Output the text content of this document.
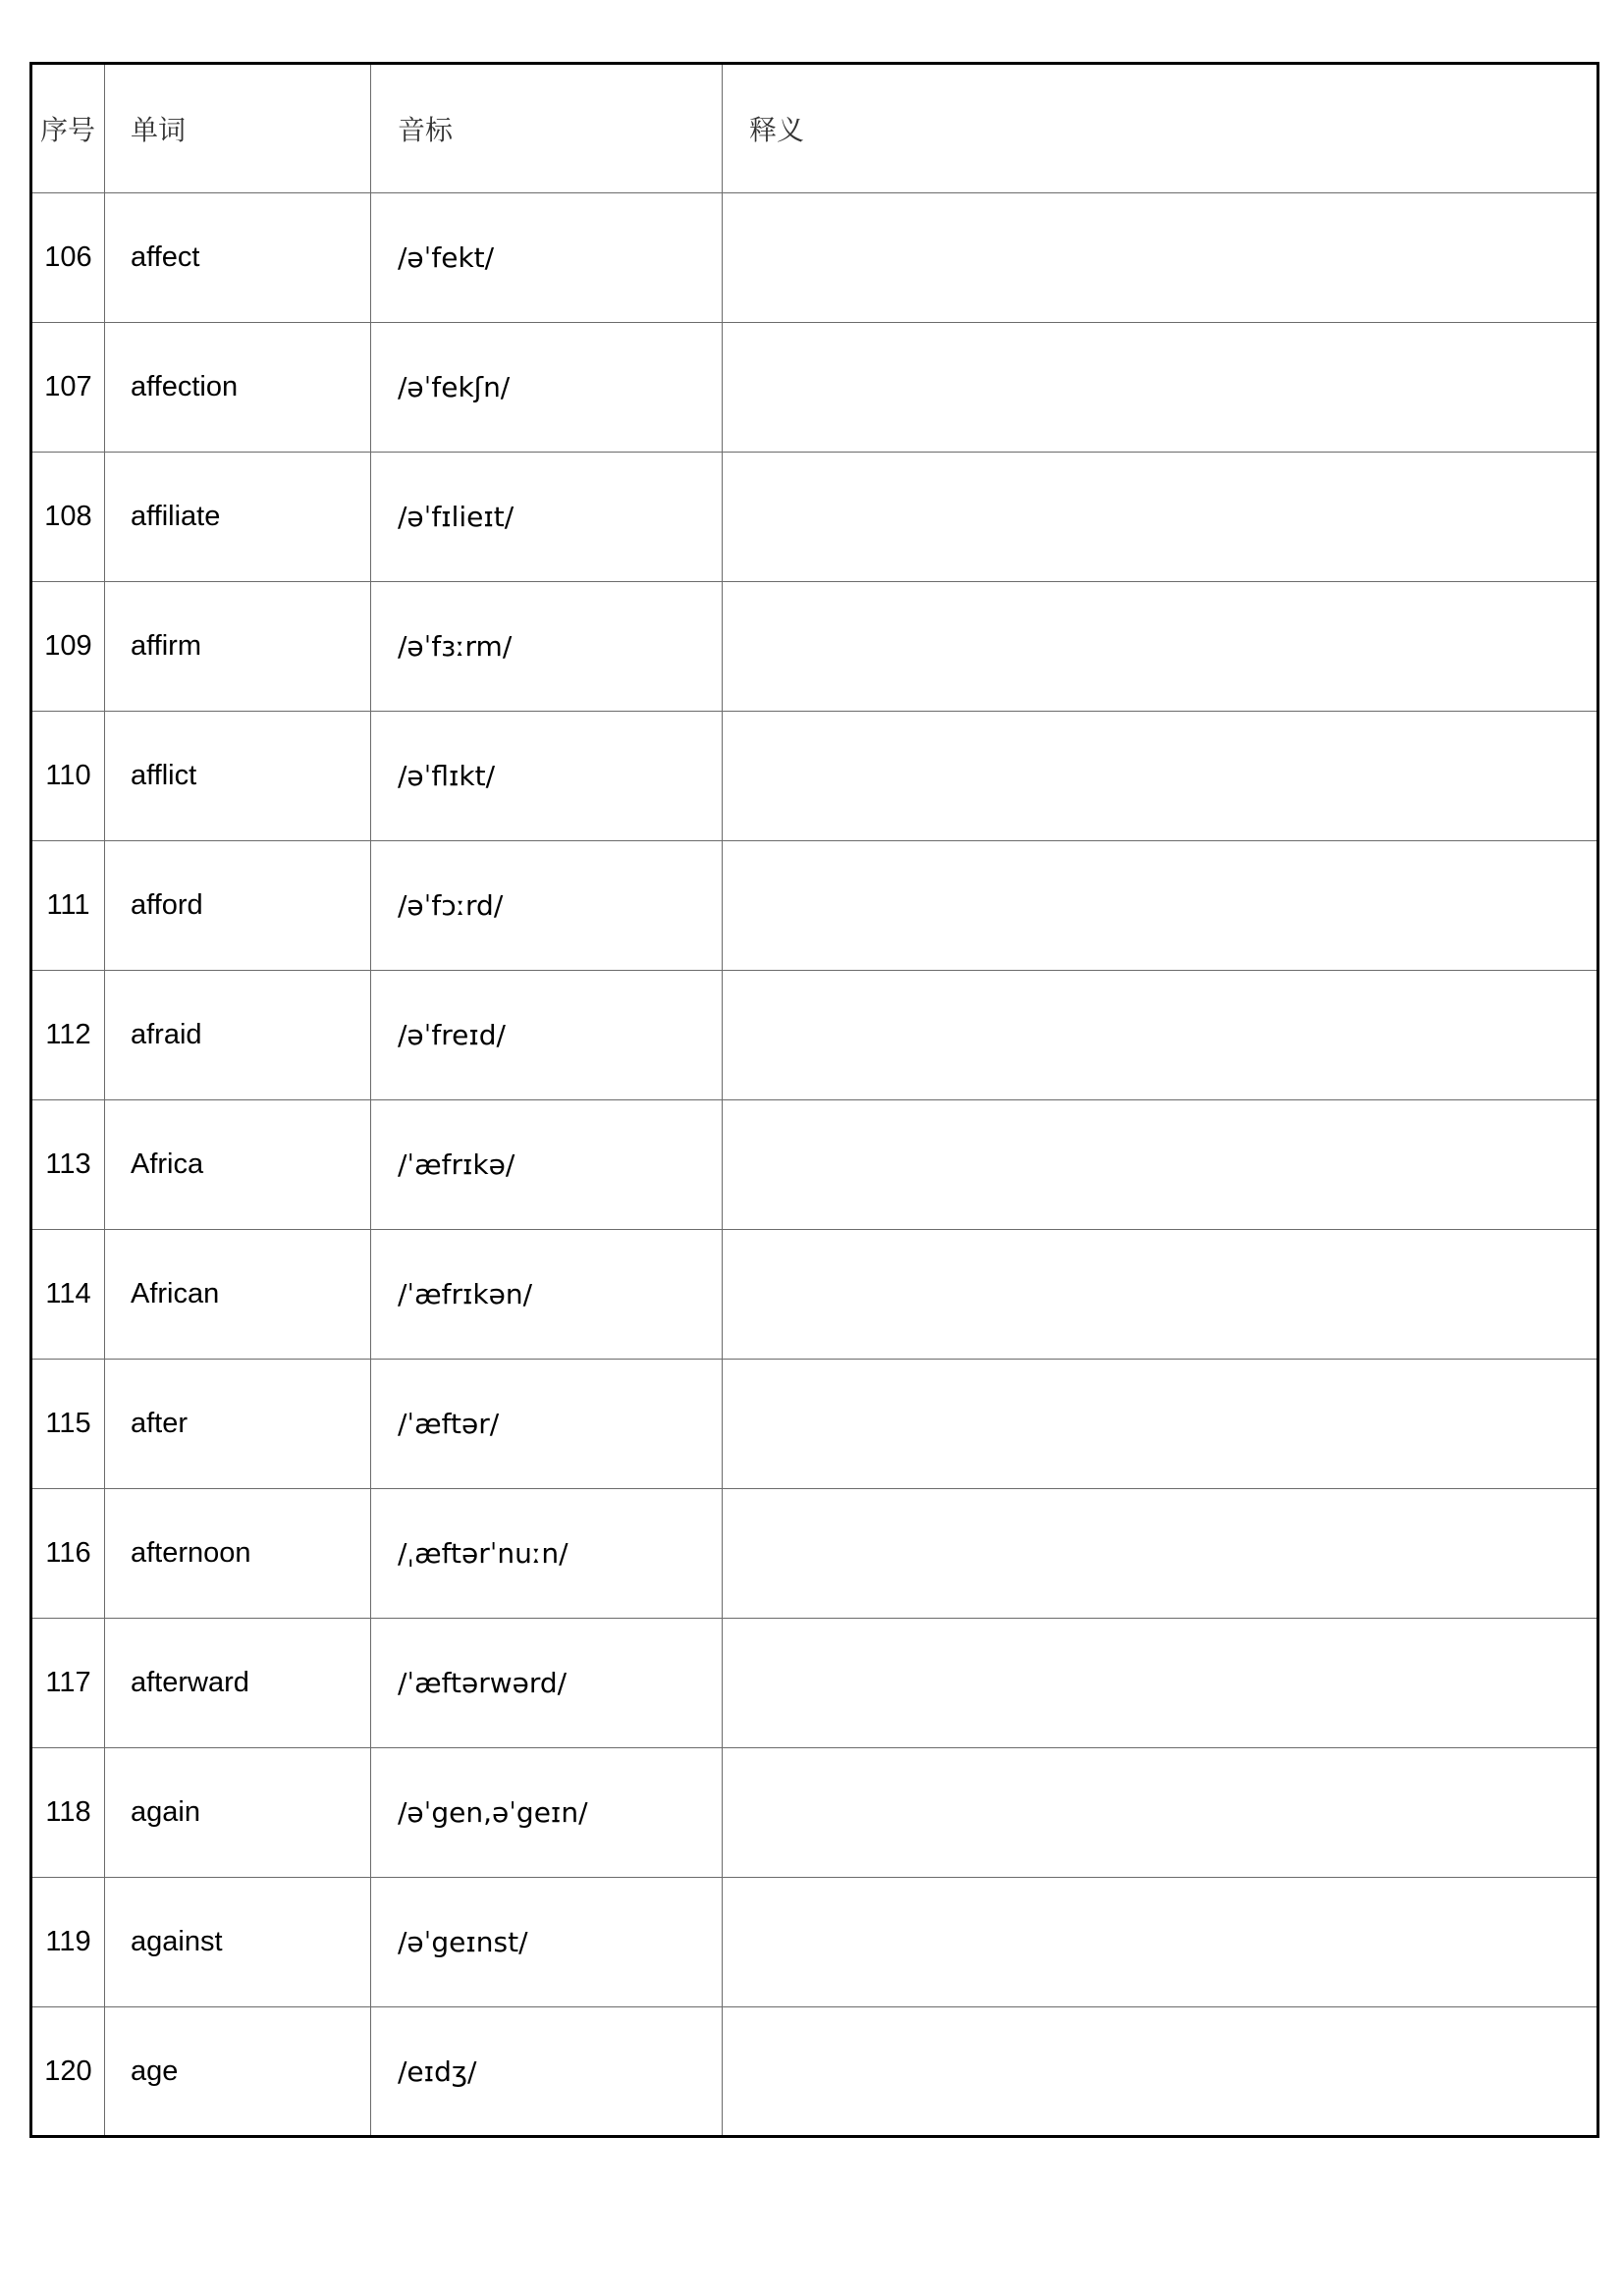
序号	单词	音标	释义
106	affect	/əˈfekt/	
107	affection	/əˈfekʃn/	
108	affiliate	/əˈfɪlieɪt/	
109	affirm	/əˈfɜːrm/	
110	afflict	/əˈflɪkt/	
111	afford	/əˈfɔːrd/	
112	afraid	/əˈfreɪd/	
113	Africa	/ˈæfrɪkə/	
114	African	/ˈæfrɪkən/	
115	after	/ˈæftər/	
116	afternoon	/ˌæftərˈnuːn/	
117	afterward	/ˈæftərwərd/	
118	again	/əˈgen,əˈgeɪn/	
119	against	/əˈgeɪnst/	
120	age	/eɪdʒ/	
